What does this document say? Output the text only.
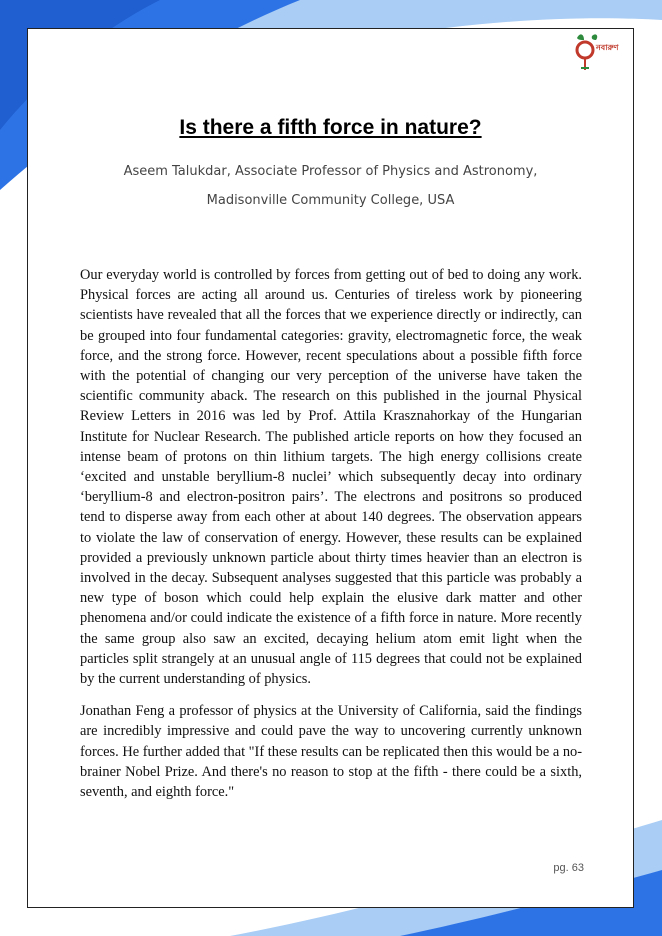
নবারুণ
Is there a fifth force in nature?

Aseem Talukdar, Associate Professor of Physics and Astronomy,

Madisonville Community College, USA

Our everyday world is controlled by forces from getting out of bed to doing any work. Physical forces are acting all around us. Centuries of tireless work by pioneering scientists have revealed that all the forces that we experience directly or indirectly, can be grouped into four fundamental categories: gravity, electromagnetic force, the weak force, and the strong force. However, recent speculations about a possible fifth force with the potential of changing our very perception of the universe have taken the scientific community aback. The research on this published in the journal Physical Review Letters in 2016 was led by Prof. Attila Krasznahorkay of the Hungarian Institute for Nuclear Research. The published article reports on how they focused an intense beam of protons on thin lithium targets. The high energy collisions create ‘excited and unstable beryllium-8 nuclei’ which subsequently decay into ordinary ‘beryllium-8 and electron-positron pairs’. The electrons and positrons so produced tend to disperse away from each other at about 140 degrees. The observation appears to violate the law of conservation of energy. However, these results can be explained provided a previously unknown particle about thirty times heavier than an electron is involved in the decay. Subsequent analyses suggested that this particle was probably a new type of boson which could help explain the elusive dark matter and other phenomena and/or could indicate the existence of a fifth force in nature. More recently the same group also saw an excited, decaying helium atom emit light when the particles split strangely at an unusual angle of 115 degrees that could not be explained by the current understanding of physics.

Jonathan Feng a professor of physics at the University of California, said the findings are incredibly impressive and could pave the way to uncovering currently unknown forces. He further added that "If these results can be replicated then this would be a no-brainer Nobel Prize. And there's no reason to stop at the fifth - there could be a sixth, seventh, and eighth force."

pg. 63
